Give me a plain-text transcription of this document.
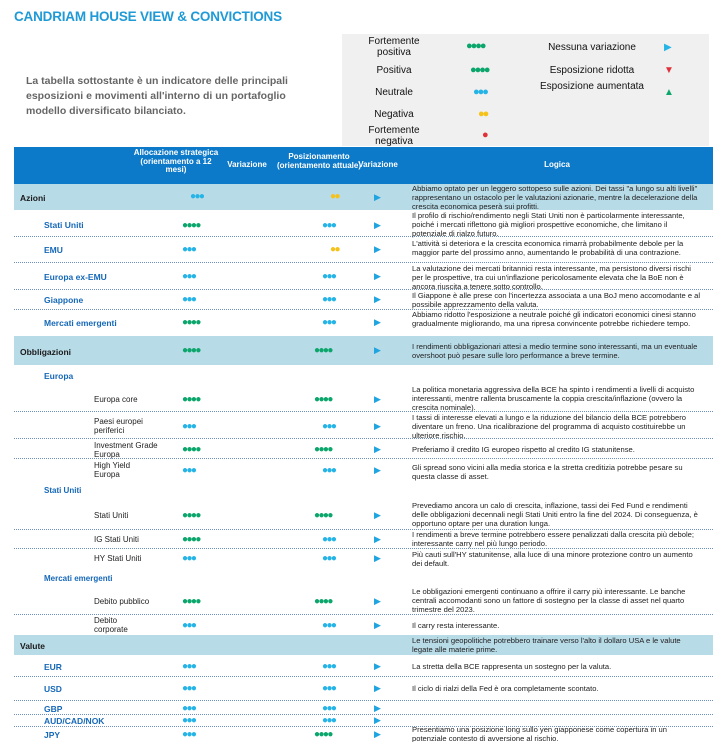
CANDRIAM HOUSE VIEW & CONVICTIONS
La tabella sottostante è un indicatore delle principali esposizioni e movimenti all'interno di un portafoglio modello diversificato bilanciato.
Fortemente positiva
●●●●
Positiva	●●●●
Neutrale	●●●
Negativa	●●
Fortemente negativa
●
Nessuna variazione	▶
Esposizione ridotta	▼
Esposizione aumentata
▲
Allocazione strategica (orientamento a 12 mesi)
Variazione
Posizionamento (orientamento attuale)
Variazione	Logica
Azioni	●●●	●●	▶
Abbiamo optato per un leggero sottopeso sulle azioni. Dei tassi "a lungo su alti livelli" rappresentano un ostacolo per le valutazioni azionarie, mentre la decelerazione della crescita economica peserà sui profitti.
Stati Uniti	●●●●	●●●	▶
Il profilo di rischio/rendimento negli Stati Uniti non è particolarmente interessante, poiché i mercati riflettono già migliori prospettive economiche, che limitano il potenziale di rialzo futuro.
EMU	●●●	●●	▶
L'attività si deteriora e la crescita economica rimarrà probabilmente debole per la maggior parte del prossimo anno, aumentando le probabilità di una contrazione.
Europa ex-EMU	●●●	●●●	▶
La valutazione dei mercati britannici resta interessante, ma persistono diversi rischi per le prospettive, tra cui un'inflazione pericolosamente elevata che la BoE non è ancora riuscita a tenere sotto controllo.
Giappone	●●●	●●●	▶	Il Giappone è alle prese con l'incertezza associata a una BoJ meno accomodante e al possibile apprezzamento della valuta.
Mercati emergenti	●●●●	●●●	▶
Abbiamo ridotto l'esposizione a neutrale poiché gli indicatori economici cinesi stanno gradualmente migliorando, ma una ripresa convincente potrebbe richiedere tempo.
Obbligazioni	●●●●	●●●●	▶	I rendimenti obbligazionari attesi a medio termine sono interessanti, ma un eventuale overshoot può pesare sulle loro performance a breve termine.
Europa
Europa core	●●●●	●●●●	▶
La politica monetaria aggressiva della BCE ha spinto i rendimenti a livelli di acquisto interessanti, mentre rallenta bruscamente la coppia crescita/inflazione (ovvero la crescita nominale).
Paesi europei periferici	●●●	●●●	▶
I tassi di interesse elevati a lungo e la riduzione del bilancio della BCE potrebbero diventare un freno. Una ricalibrazione del programma di acquisto costituirebbe un ulteriore rischio.
Investment Grade Europa	●●●●	●●●●	▶	Preferiamo il credito IG europeo rispetto al credito IG statunitense.
High Yield Europa	●●●	●●●	▶	Gli spread sono vicini alla media storica e la stretta creditizia potrebbe pesare su questa classe di asset.
Stati Uniti
Stati Uniti	●●●●	●●●●	▶
Prevediamo ancora un calo di crescita, inflazione, tassi dei Fed Fund e rendimenti delle obbligazioni decennali negli Stati Uniti entro la fine del 2024. Di conseguenza, è opportuno optare per una duration lunga.
IG Stati Uniti	●●●●	●●●	▶	I rendimenti a breve termine potrebbero essere penalizzati dalla crescita più debole; interessante carry nel più lungo periodo.
HY Stati Uniti	●●●	●●●	▶	Più cauti sull'HY statunitense, alla luce di una minore protezione contro un aumento dei default.
Mercati emergenti
Debito pubblico	●●●●	●●●●	▶
Le obbligazioni emergenti continuano a offrire il carry più interessante. Le banche centrali accomodanti sono un fattore di sostegno per la classe di asset nel quarto trimestre del 2023.
Debito corporate	●●●	●●●	▶	Il carry resta interessante.
Valute
Le tensioni geopolitiche potrebbero trainare verso l'alto il dollaro USA e le valute legate alle materie prime.
EUR	●●●	●●●	▶	La stretta della BCE rappresenta un sostegno per la valuta.
USD	●●●	●●●	▶	Il ciclo di rialzi della Fed è ora completamente scontato.
GBP	●●●	●●●	▶
AUD/CAD/NOK	●●●	●●●	▶
JPY	●●●	●●●●	▶	Presentiamo una posizione long sullo yen giapponese come copertura in un potenziale contesto di avversione al rischio.
